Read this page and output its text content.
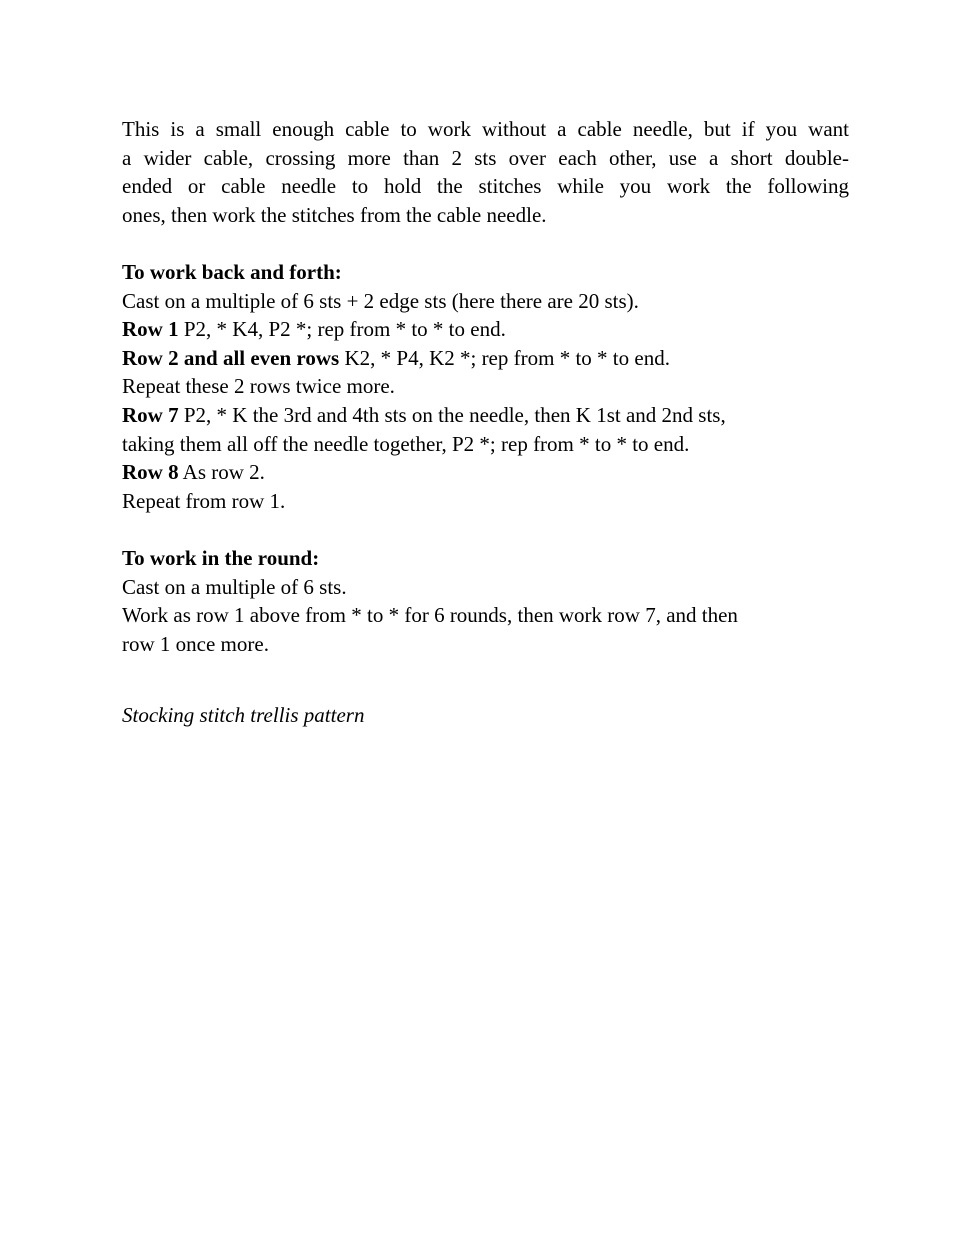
This is a small enough cable to work without a cable needle, but if you want
a wider cable, crossing more than 2 sts over each other, use a short double-
ended or cable needle to hold the stitches while you work the following
ones, then work the stitches from the cable needle.
To work back and forth:
Cast on a multiple of 6 sts + 2 edge sts (here there are 20 sts).
Row 1 P2, * K4, P2 *; rep from * to * to end.
Row 2 and all even rows K2, * P4, K2 *; rep from * to * to end.
Repeat these 2 rows twice more.
Row 7 P2, * K the 3rd and 4th sts on the needle, then K 1st and 2nd sts,
taking them all off the needle together, P2 *; rep from * to * to end.
Row 8 As row 2.
Repeat from row 1.
To work in the round:
Cast on a multiple of 6 sts.
Work as row 1 above from * to * for 6 rounds, then work row 7, and then
row 1 once more.
Stocking stitch trellis pattern
